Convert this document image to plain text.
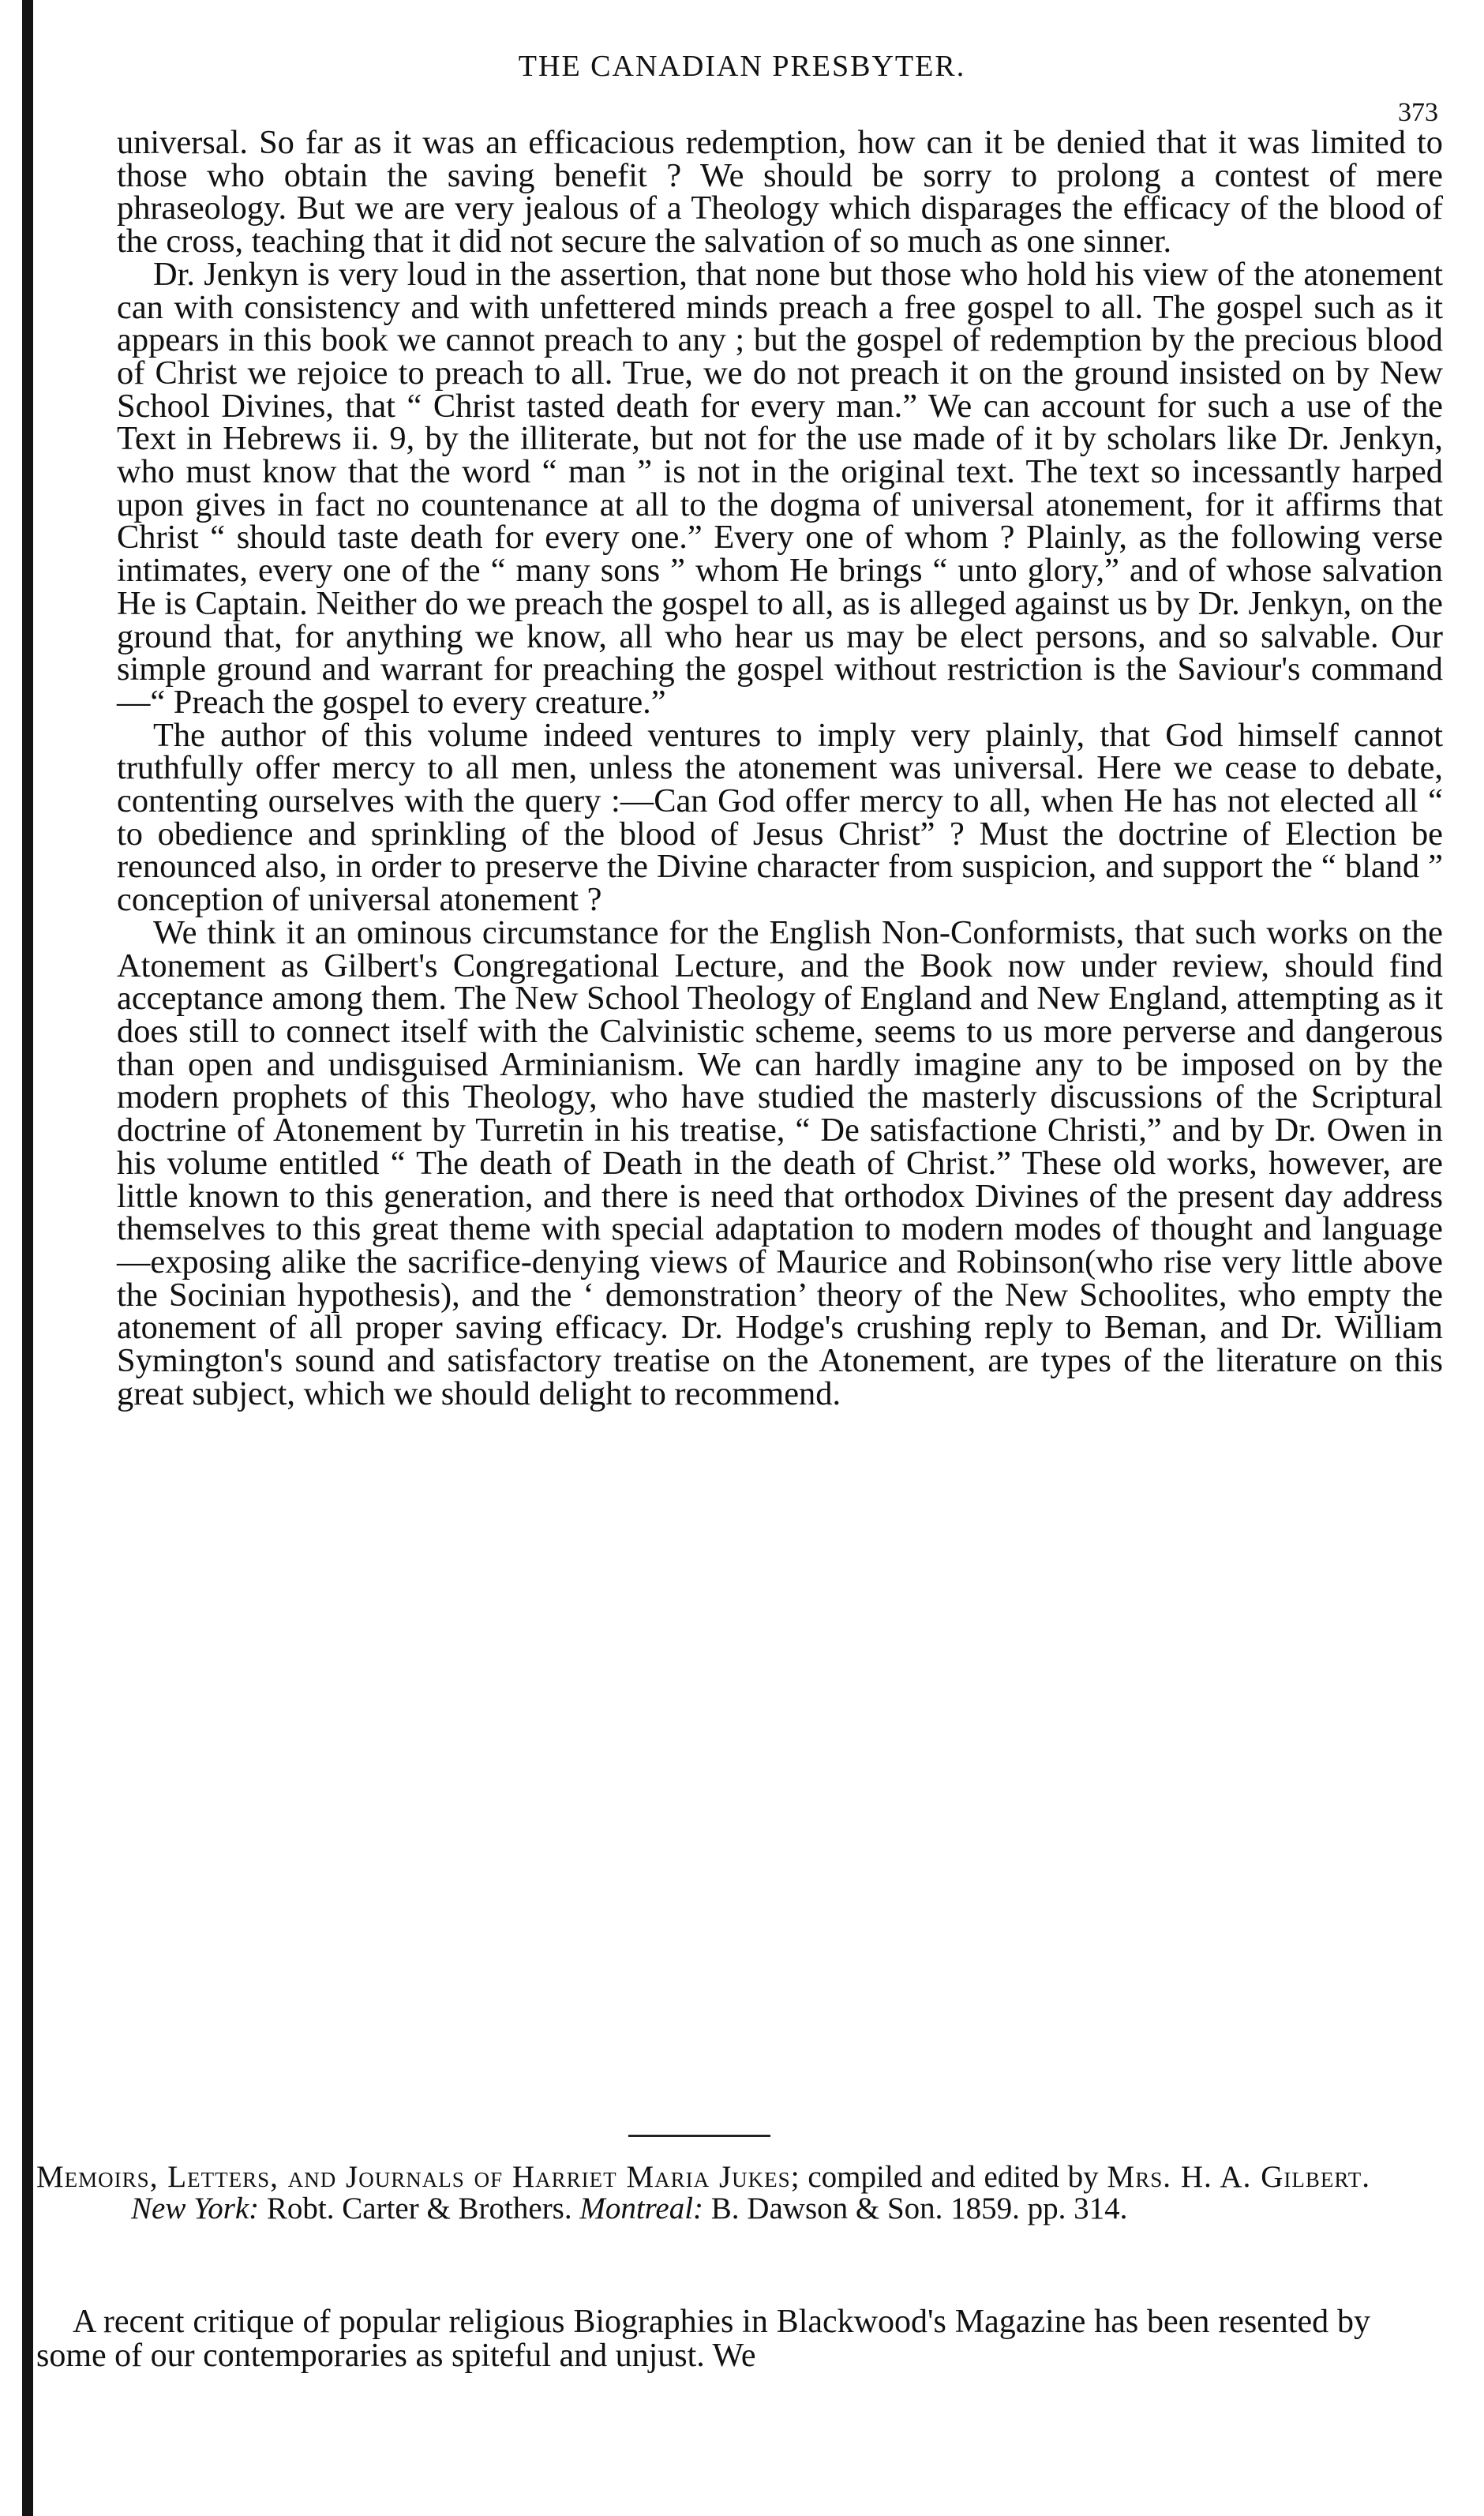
THE CANADIAN PRESBYTER.
373

universal. So far as it was an efficacious redemption, how can it be denied that it was limited to those who obtain the saving benefit ? We should be sorry to prolong a contest of mere phraseology. But we are very jealous of a Theology which disparages the efficacy of the blood of the cross, teaching that it did not secure the salvation of so much as one sinner.

Dr. Jenkyn is very loud in the assertion, that none but those who hold his view of the atonement can with consistency and with unfettered minds preach a free gospel to all. The gospel such as it appears in this book we cannot preach to any ; but the gospel of redemption by the precious blood of Christ we rejoice to preach to all. True, we do not preach it on the ground insisted on by New School Divines, that “ Christ tasted death for every man.” We can account for such a use of the Text in Hebrews ii. 9, by the illiterate, but not for the use made of it by scholars like Dr. Jenkyn, who must know that the word “ man ” is not in the original text. The text so incessantly harped upon gives in fact no countenance at all to the dogma of universal atonement, for it affirms that Christ “ should taste death for every one.” Every one of whom ? Plainly, as the following verse intimates, every one of the “ many sons ” whom He brings “ unto glory,” and of whose salvation He is Captain. Neither do we preach the gospel to all, as is alleged against us by Dr. Jenkyn, on the ground that, for anything we know, all who hear us may be elect persons, and so salvable. Our simple ground and warrant for preaching the gospel without restriction is the Saviour's command—“ Preach the gospel to every creature.”

The author of this volume indeed ventures to imply very plainly, that God himself cannot truthfully offer mercy to all men, unless the atonement was universal. Here we cease to debate, contenting ourselves with the query :—Can God offer mercy to all, when He has not elected all “ to obedience and sprinkling of the blood of Jesus Christ” ? Must the doctrine of Election be renounced also, in order to preserve the Divine character from suspicion, and support the “ bland ” conception of universal atonement ?

We think it an ominous circumstance for the English Non-Conformists, that such works on the Atonement as Gilbert's Congregational Lecture, and the Book now under review, should find acceptance among them. The New School Theology of England and New England, attempting as it does still to connect itself with the Calvinistic scheme, seems to us more perverse and dangerous than open and undisguised Arminianism. We can hardly imagine any to be imposed on by the modern prophets of this Theology, who have studied the masterly discussions of the Scriptural doctrine of Atonement by Turretin in his treatise, “ De satisfactione Christi,” and by Dr. Owen in his volume entitled “ The death of Death in the death of Christ.” These old works, however, are little known to this generation, and there is need that orthodox Divines of the present day address themselves to this great theme with special adaptation to modern modes of thought and language—exposing alike the sacrifice-denying views of Maurice and Robinson(who rise very little above the Socinian hypothesis), and the ‘ demonstration’ theory of the New Schoolites, who empty the atonement of all proper saving efficacy. Dr. Hodge's crushing reply to Beman, and Dr. William Symington's sound and satisfactory treatise on the Atonement, are types of the literature on this great subject, which we should delight to recommend.

Memoirs, Letters, and Journals of Harriet Maria Jukes; compiled and edited by Mrs. H. A. Gilbert. New York: Robt. Carter & Brothers. Montreal: B. Dawson & Son. 1859. pp. 314.
A recent critique of popular religious Biographies in Blackwood's Magazine has been resented by some of our contemporaries as spiteful and unjust. We
